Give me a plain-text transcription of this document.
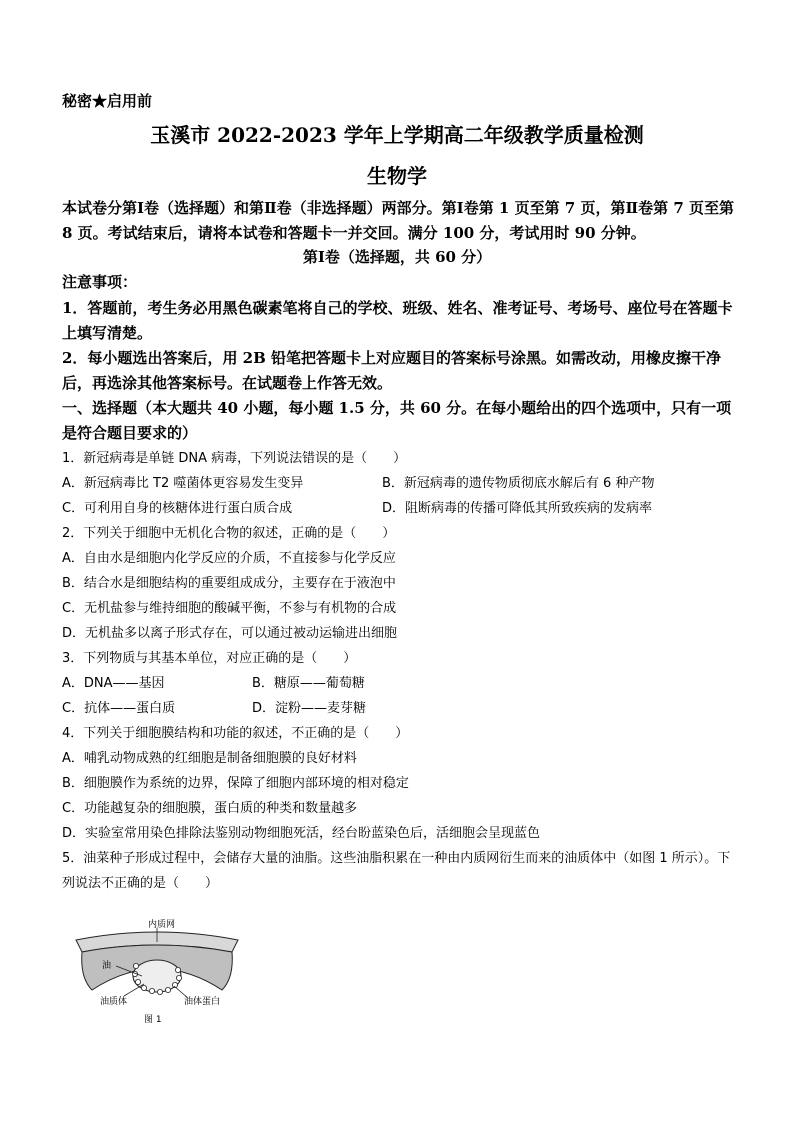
秘密★启用前
玉溪市 2022-2023 学年上学期高二年级教学质量检测
生物学
本试卷分第Ⅰ卷（选择题）和第Ⅱ卷（非选择题）两部分。第Ⅰ卷第 1 页至第 7 页，第Ⅱ卷第 7 页至第 8 页。考试结束后，请将本试卷和答题卡一并交回。满分 100 分，考试用时 90 分钟。
第Ⅰ卷（选择题，共 60 分）
注意事项：
1．答题前，考生务必用黑色碳素笔将自己的学校、班级、姓名、准考证号、考场号、座位号在答题卡上填写清楚。
2．每小题选出答案后，用 2B 铅笔把答题卡上对应题目的答案标号涂黑。如需改动，用橡皮擦干净后，再选涂其他答案标号。在试题卷上作答无效。
一、选择题（本大题共 40 小题，每小题 1.5 分，共 60 分。在每小题给出的四个选项中，只有一项是符合题目要求的）
1．新冠病毒是单链 DNA 病毒，下列说法错误的是（　　）
A．新冠病毒比 T2 噬菌体更容易发生变异	B．新冠病毒的遗传物质彻底水解后有 6 种产物
C．可利用自身的核糖体进行蛋白质合成	D．阻断病毒的传播可降低其所致疾病的发病率
2．下列关于细胞中无机化合物的叙述，正确的是（　　）
A．自由水是细胞内化学反应的介质，不直接参与化学反应
B．结合水是细胞结构的重要组成成分，主要存在于液泡中
C．无机盐参与维持细胞的酸碱平衡，不参与有机物的合成
D．无机盐多以离子形式存在，可以通过被动运输进出细胞
3．下列物质与其基本单位，对应正确的是（　　）
A．DNA——基因	B．糖原——葡萄糖
C．抗体——蛋白质	D．淀粉——麦芽糖
4．下列关于细胞膜结构和功能的叙述，不正确的是（　　）
A．哺乳动物成熟的红细胞是制备细胞膜的良好材料
B．细胞膜作为系统的边界，保障了细胞内部环境的相对稳定
C．功能越复杂的细胞膜，蛋白质的种类和数量越多
D．实验室常用染色排除法鉴别动物细胞死活，经台盼蓝染色后，活细胞会呈现蓝色
5．油菜种子形成过程中，会储存大量的油脂。这些油脂积累在一种由内质网衍生而来的油质体中（如图 1 所示）。下列说法不正确的是（　　）
内质网
油
油质体	油体蛋白
图 1
